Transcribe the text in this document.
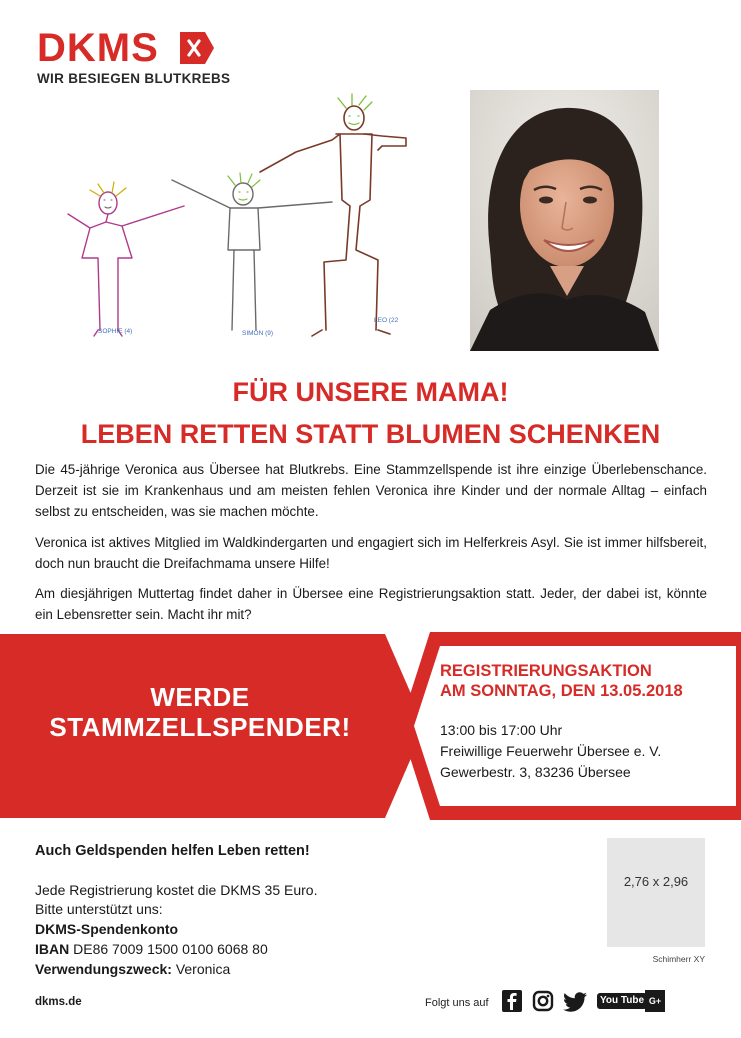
DKMS
WIR BESIEGEN BLUTKREBS
SOPHIE (4)	SIMON (9)
LEO (22
FÜR UNSERE MAMA!
LEBEN RETTEN STATT BLUMEN SCHENKEN
Die 45-jährige Veronica aus Übersee hat Blutkrebs. Eine Stammzellspende ist ihre einzige Überlebenschance. Derzeit ist sie im Krankenhaus und am meisten fehlen Veronica ihre Kinder und der normale Alltag – einfach selbst zu entscheiden, was sie machen möchte.
Veronica ist aktives Mitglied im Waldkindergarten und engagiert sich im Helferkreis Asyl. Sie ist immer hilfsbereit, doch nun braucht die Dreifachmama unsere Hilfe!
Am diesjährigen Muttertag findet daher in Übersee eine Registrierungsaktion statt. Jeder, der dabei ist, könnte ein Lebensretter sein. Macht ihr mit?
WERDE
STAMMZELLSPENDER!
REGISTRIERUNGSAKTION
AM SONNTAG, DEN 13.05.2018
13:00 bis 17:00 Uhr
Freiwillige Feuerwehr Übersee e. V.
Gewerbestr. 3, 83236 Übersee
Auch Geldspenden helfen Leben retten!
Jede Registrierung kostet die DKMS 35 Euro.
Bitte unterstützt uns:
DKMS-Spendenkonto
IBAN DE86 7009 1500 0100 6068 80
Verwendungszweck: Veronica
2,76 x 2,96
Schimherr XY
dkms.de	Folgt uns auf	You Tube G+
